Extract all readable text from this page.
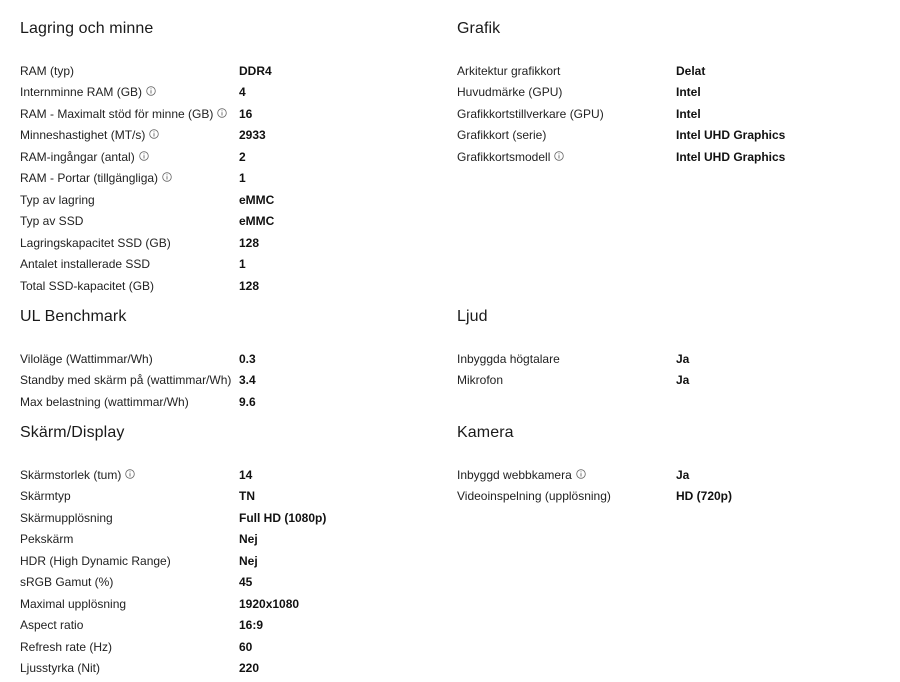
Lagring och minne
RAM (typ)	DDR4
Internminne RAM (GB)	4
RAM - Maximalt stöd för minne (GB) 16
Minneshastighet (MT/s)	2933
RAM-ingångar (antal)	2
RAM - Portar (tillgängliga)	1
Typ av lagring	eMMC
Typ av SSD	eMMC
Lagringskapacitet SSD (GB)	128
Antalet installerade SSD	1
Total SSD-kapacitet (GB)	128
Grafik
Arkitektur grafikkort	Delat
Huvudmärke (GPU)	Intel
Grafikkortstillverkare (GPU)	Intel
Grafikkort (serie)	Intel UHD Graphics
Grafikkortsmodell	Intel UHD Graphics
UL Benchmark
Viloläge (Wattimmar/Wh)	0.3
Standby med skärm på (wattimmar/Wh) 3.4
Max belastning (wattimmar/Wh)	9.6
Ljud
Inbyggda högtalare	Ja
Mikrofon	Ja
Skärm/Display
Skärmstorlek (tum)	14
Skärmtyp	TN
Skärmupplösning	Full HD (1080p)
Pekskärm	Nej
HDR (High Dynamic Range)	Nej
sRGB Gamut (%)	45
Maximal upplösning	1920x1080
Aspect ratio	16:9
Refresh rate (Hz)	60
Ljusstyrka (Nit)	220
Kamera
Inbyggd webbkamera	Ja
Videoinspelning (upplösning)	HD (720p)
